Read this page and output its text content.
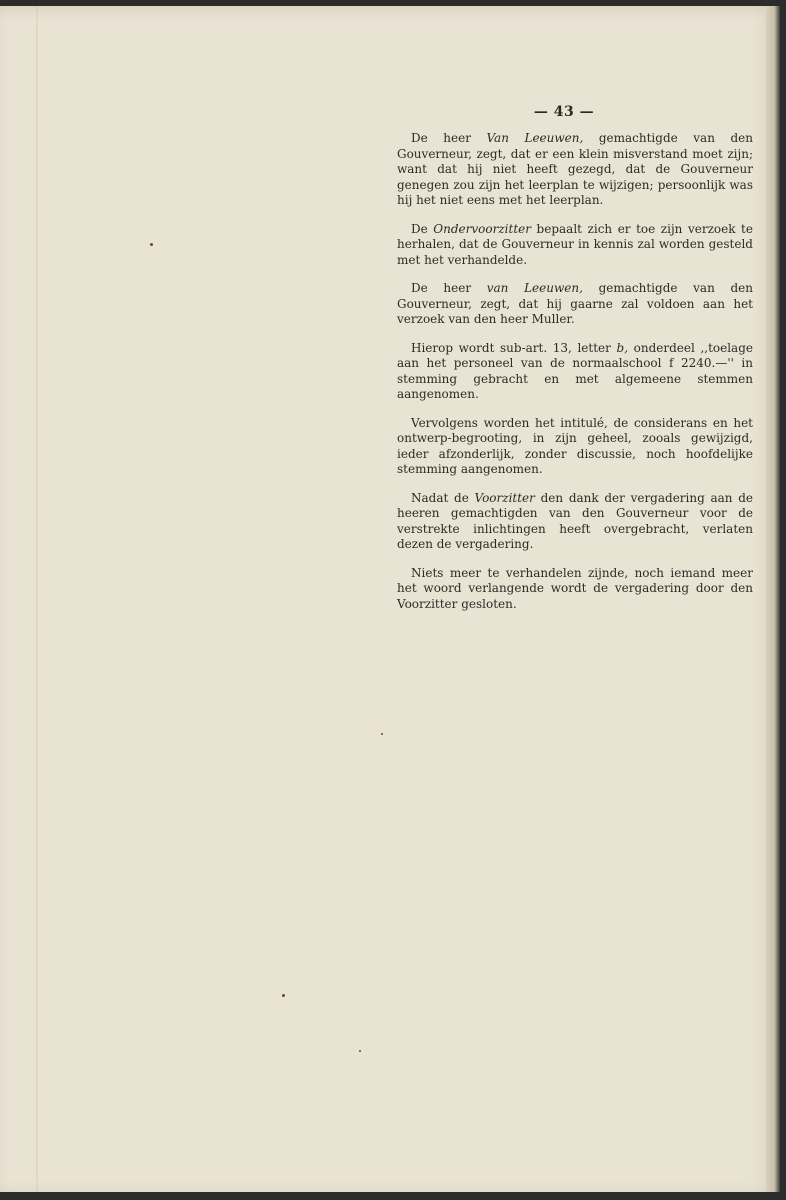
— 43 —

De heer Van Leeuwen, gemachtigde van den Gouverneur, zegt, dat er een klein misverstand moet zijn; want dat hij niet heeft gezegd, dat de Gouverneur genegen zou zijn het leerplan te wijzigen; persoonlijk was hij het niet eens met het leerplan.

De Ondervoorzitter bepaalt zich er toe zijn verzoek te herhalen, dat de Gouverneur in kennis zal worden gesteld met het verhandelde.

De heer van Leeuwen, gemachtigde van den Gouverneur, zegt, dat hij gaarne zal voldoen aan het verzoek van den heer Muller.

Hierop wordt sub-art. 13, letter b, onderdeel ,,toelage aan het personeel van de normaalschool f 2240.—'' in stemming gebracht en met algemeene stemmen aangenomen.

Vervolgens worden het intitulé, de considerans en het ontwerp-begrooting, in zijn geheel, zooals gewijzigd, ieder afzonderlijk, zonder discussie, noch hoofdelijke stemming aangenomen.

Nadat de Voorzitter den dank der vergadering aan de heeren gemachtigden van den Gouverneur voor de verstrekte inlichtingen heeft overgebracht, verlaten dezen de vergadering.

Niets meer te verhandelen zijnde, noch iemand meer het woord verlangende wordt de vergadering door den Voorzitter gesloten.
